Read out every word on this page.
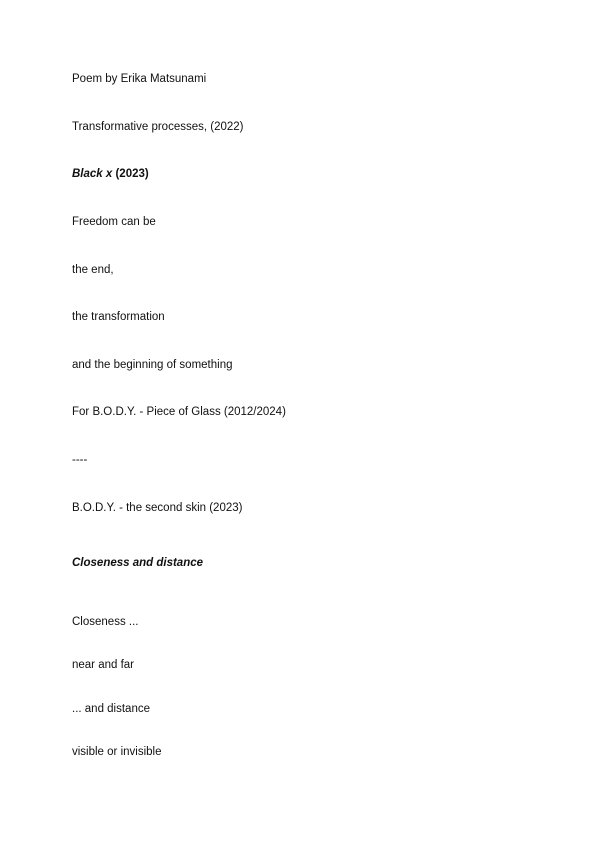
Poem by Erika Matsunami
Transformative processes, (2022)
Black x (2023)
Freedom can be
the end,
the transformation
and the beginning of something
For B.O.D.Y. - Piece of Glass (2012/2024)
----
B.O.D.Y. - the second skin (2023)
Closeness and distance
Closeness ...
near and far
... and distance
visible or invisible
